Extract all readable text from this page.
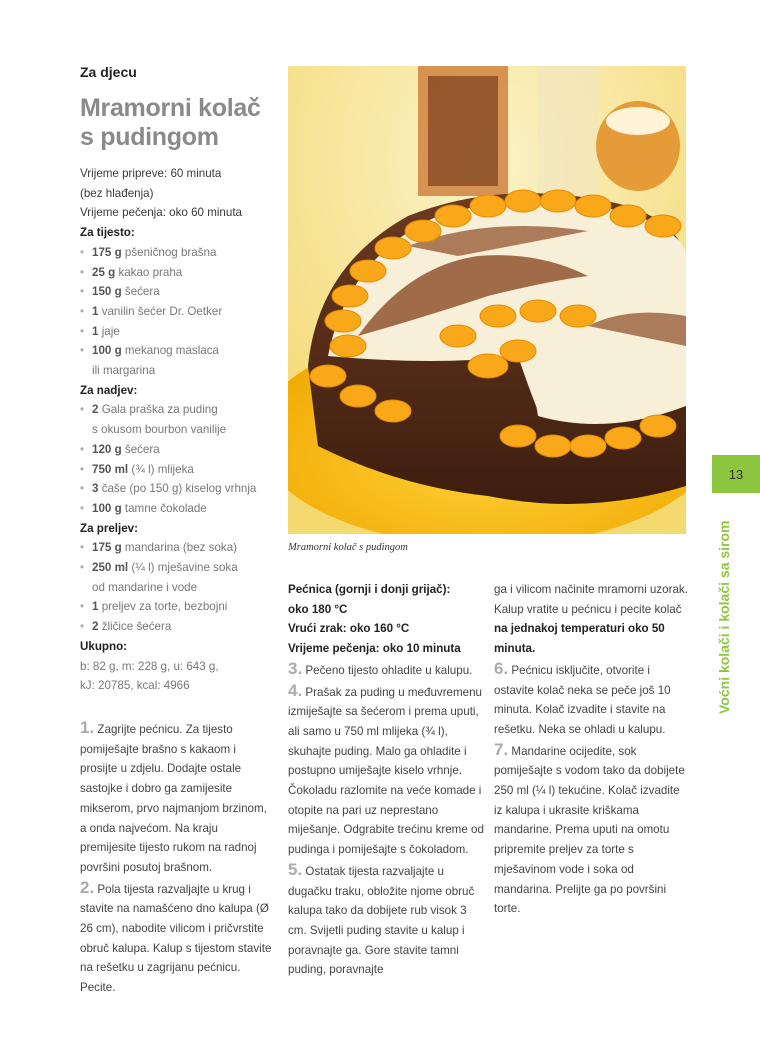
Za djecu
Mramorni kolač
s pudingom

Vrijeme pripreve: 60 minuta

(bez hlađenja)

Vrijeme pečenja: oko 60 minuta

Za tijesto:

• 175 g pšeničnog brašna
• 25 g kakao praha
• 150 g šećera
• 1 vanilin šećer Dr. Oetker
• 1 jaje
• 100 g mekanog maslaca
ili margarina

Za nadjev:

• 2 Gala praška za puding
s okusom bourbon vanilije
• 120 g šećera
• 750 ml (¾ l) mlijeka
• 3 čaše (po 150 g) kiselog vrhnja
• 100 g tamne čokolade

Za preljev:

• 175 g mandarina (bez soka)
• 250 ml (¼ l) mješavine soka
od mandarine i vode
• 1 preljev za torte, bezbojni
• 2 žličice šećera

Ukupno:

b: 82 g, m: 228 g, u: 643 g,

kJ: 20785, kcal: 4966

Mramorni kolač s pudingom
13
Voćni kolači i kolači sa sirom

1. Zagrijte pećnicu. Za tijesto pomiješajte brašno s kakaom i prosijte u zdjelu. Dodajte ostale sastojke i dobro ga zamijesite mikserom, prvo najmanjom brzinom, a onda najvećom. Na kraju premijesite tijesto rukom na radnoj površini posutoj brašnom.

2. Pola tijesta razvaljajte u krug i stavite na namašćeno dno kalupa (Ø 26 cm), nabodite vilicom i pričvrstite obruč kalupa. Kalup s tijestom stavite na rešetku u zagrijanu pećnicu. Pecite.

Pećnica (gornji i donji grijač):

oko 180 °C

Vrući zrak: oko 160 °C

Vrijeme pečenja: oko 10 minuta

3. Pečeno tijesto ohladite u kalupu.

4. Prašak za puding u međuvremenu izmiješajte sa šećerom i prema uputi, ali samo u 750 ml mlijeka (¾ l), skuhajte puding. Malo ga ohladite i postupno umiješajte kiselo vrhnje. Čokoladu razlomite na veće komade i otopite na pari uz neprestano miješanje. Odgrabite trećinu kreme od pudinga i pomiješajte s čokoladom.

5. Ostatak tijesta razvaljajte u dugačku traku, obložite njome obruč kalupa tako da dobijete rub visok 3 cm. Svijetli puding stavite u kalup i poravnajte ga. Gore stavite tamni puding, poravnajte

ga i vilicom načinite mramorni uzorak. Kalup vratite u pećnicu i pecite kolač na jednakoj temperaturi oko 50 minuta.

6. Pećnicu isključite, otvorite i ostavite kolač neka se peče još 10 minuta. Kolač izvadite i stavite na rešetku. Neka se ohladi u kalupu.

7. Mandarine ocijedite, sok pomiješajte s vodom tako da dobijete 250 ml (¼ l) tekućine. Kolač izvadite iz kalupa i ukrasite kriškama mandarine. Prema uputi na omotu pripremite preljev za torte s mješavinom vode i soka od mandarina. Prelijte ga po površini torte.
